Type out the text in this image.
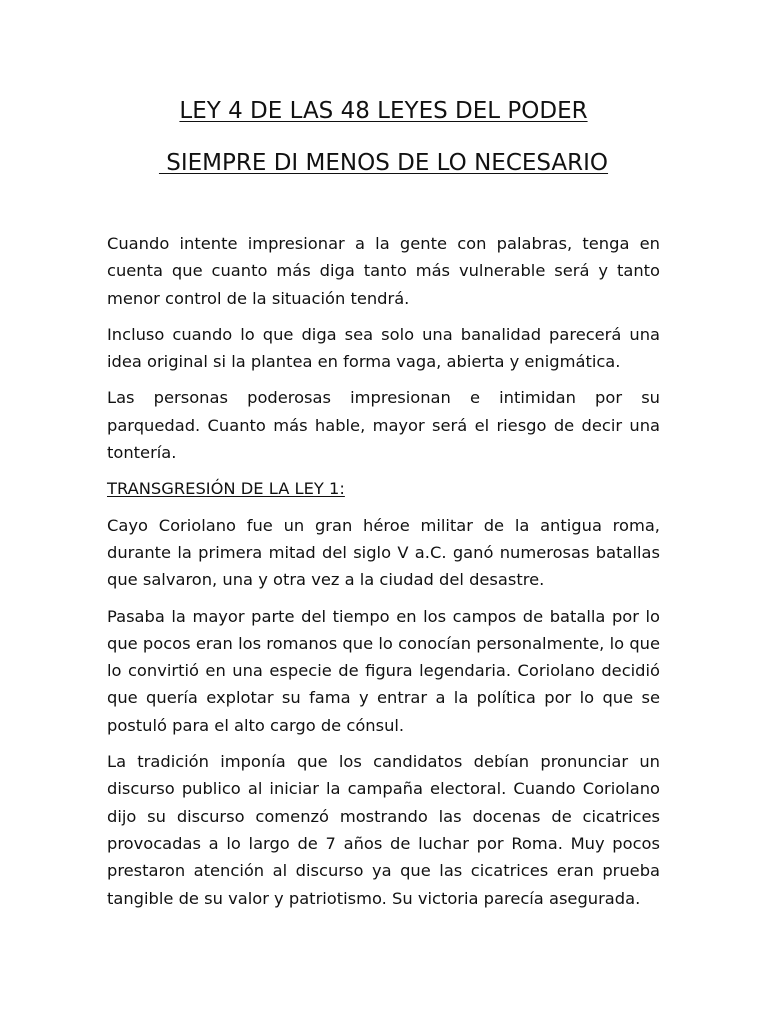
LEY 4 DE LAS 48 LEYES DEL PODER
SIEMPRE DI MENOS DE LO NECESARIO

Cuando intente impresionar a la gente con palabras, tenga en cuenta que cuanto más diga tanto más vulnerable será y tanto menor control de la situación tendrá.

Incluso cuando lo que diga sea solo una banalidad parecerá una idea original si la plantea en forma vaga, abierta y enigmática.

Las personas poderosas impresionan e intimidan por su parquedad. Cuanto más hable, mayor será el riesgo de decir una tontería.

TRANSGRESIÓN DE LA LEY 1:

Cayo Coriolano fue un gran héroe militar de la antigua roma, durante la primera mitad del siglo V a.C. ganó numerosas batallas que salvaron, una y otra vez a la ciudad del desastre.

Pasaba la mayor parte del tiempo en los campos de batalla por lo que pocos eran los romanos que lo conocían personalmente, lo que lo convirtió en una especie de figura legendaria. Coriolano decidió que quería explotar su fama y entrar a la política por lo que se postuló para el alto cargo de cónsul.

La tradición imponía que los candidatos debían pronunciar un discurso publico al iniciar la campaña electoral. Cuando Coriolano dijo su discurso comenzó mostrando las docenas de cicatrices provocadas a lo largo de 7 años de luchar por Roma. Muy pocos prestaron atención al discurso ya que las cicatrices eran prueba tangible de su valor y patriotismo. Su victoria parecía asegurada.
